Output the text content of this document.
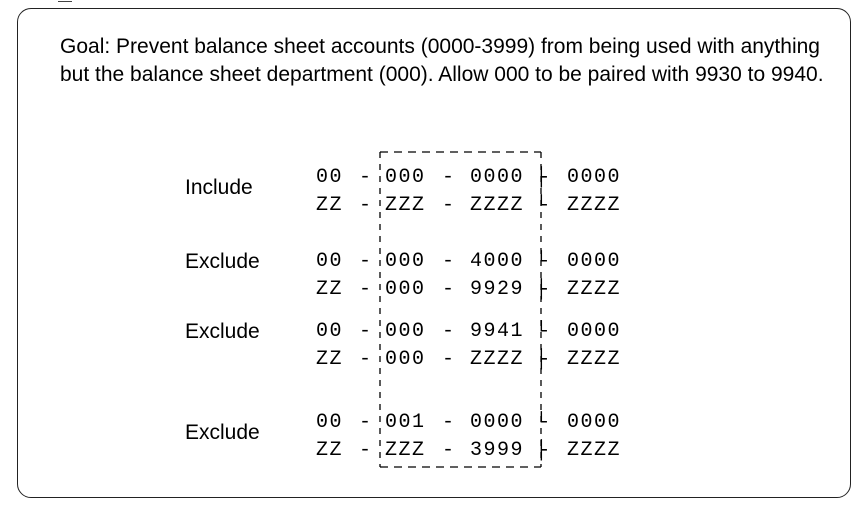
Goal: Prevent balance sheet accounts (0000-3999) from being used with anything but the balance sheet department (000). Allow 000 to be paired with 9930 to 9940.
Include	00 - 000 - 0000 ├ 0000
ZZ - ZZZ - ZZZZ └ ZZZZ
Exclude	00 - 000 - 4000 └ 0000
ZZ - 000 - 9929 ├ ZZZZ
Exclude	00 - 000 - 9941 └ 0000
ZZ - 000 - ZZZZ ├ ZZZZ
Exclude	00 - 001 - 0000 └ 0000
ZZ - ZZZ - 3999 ├ ZZZZ
